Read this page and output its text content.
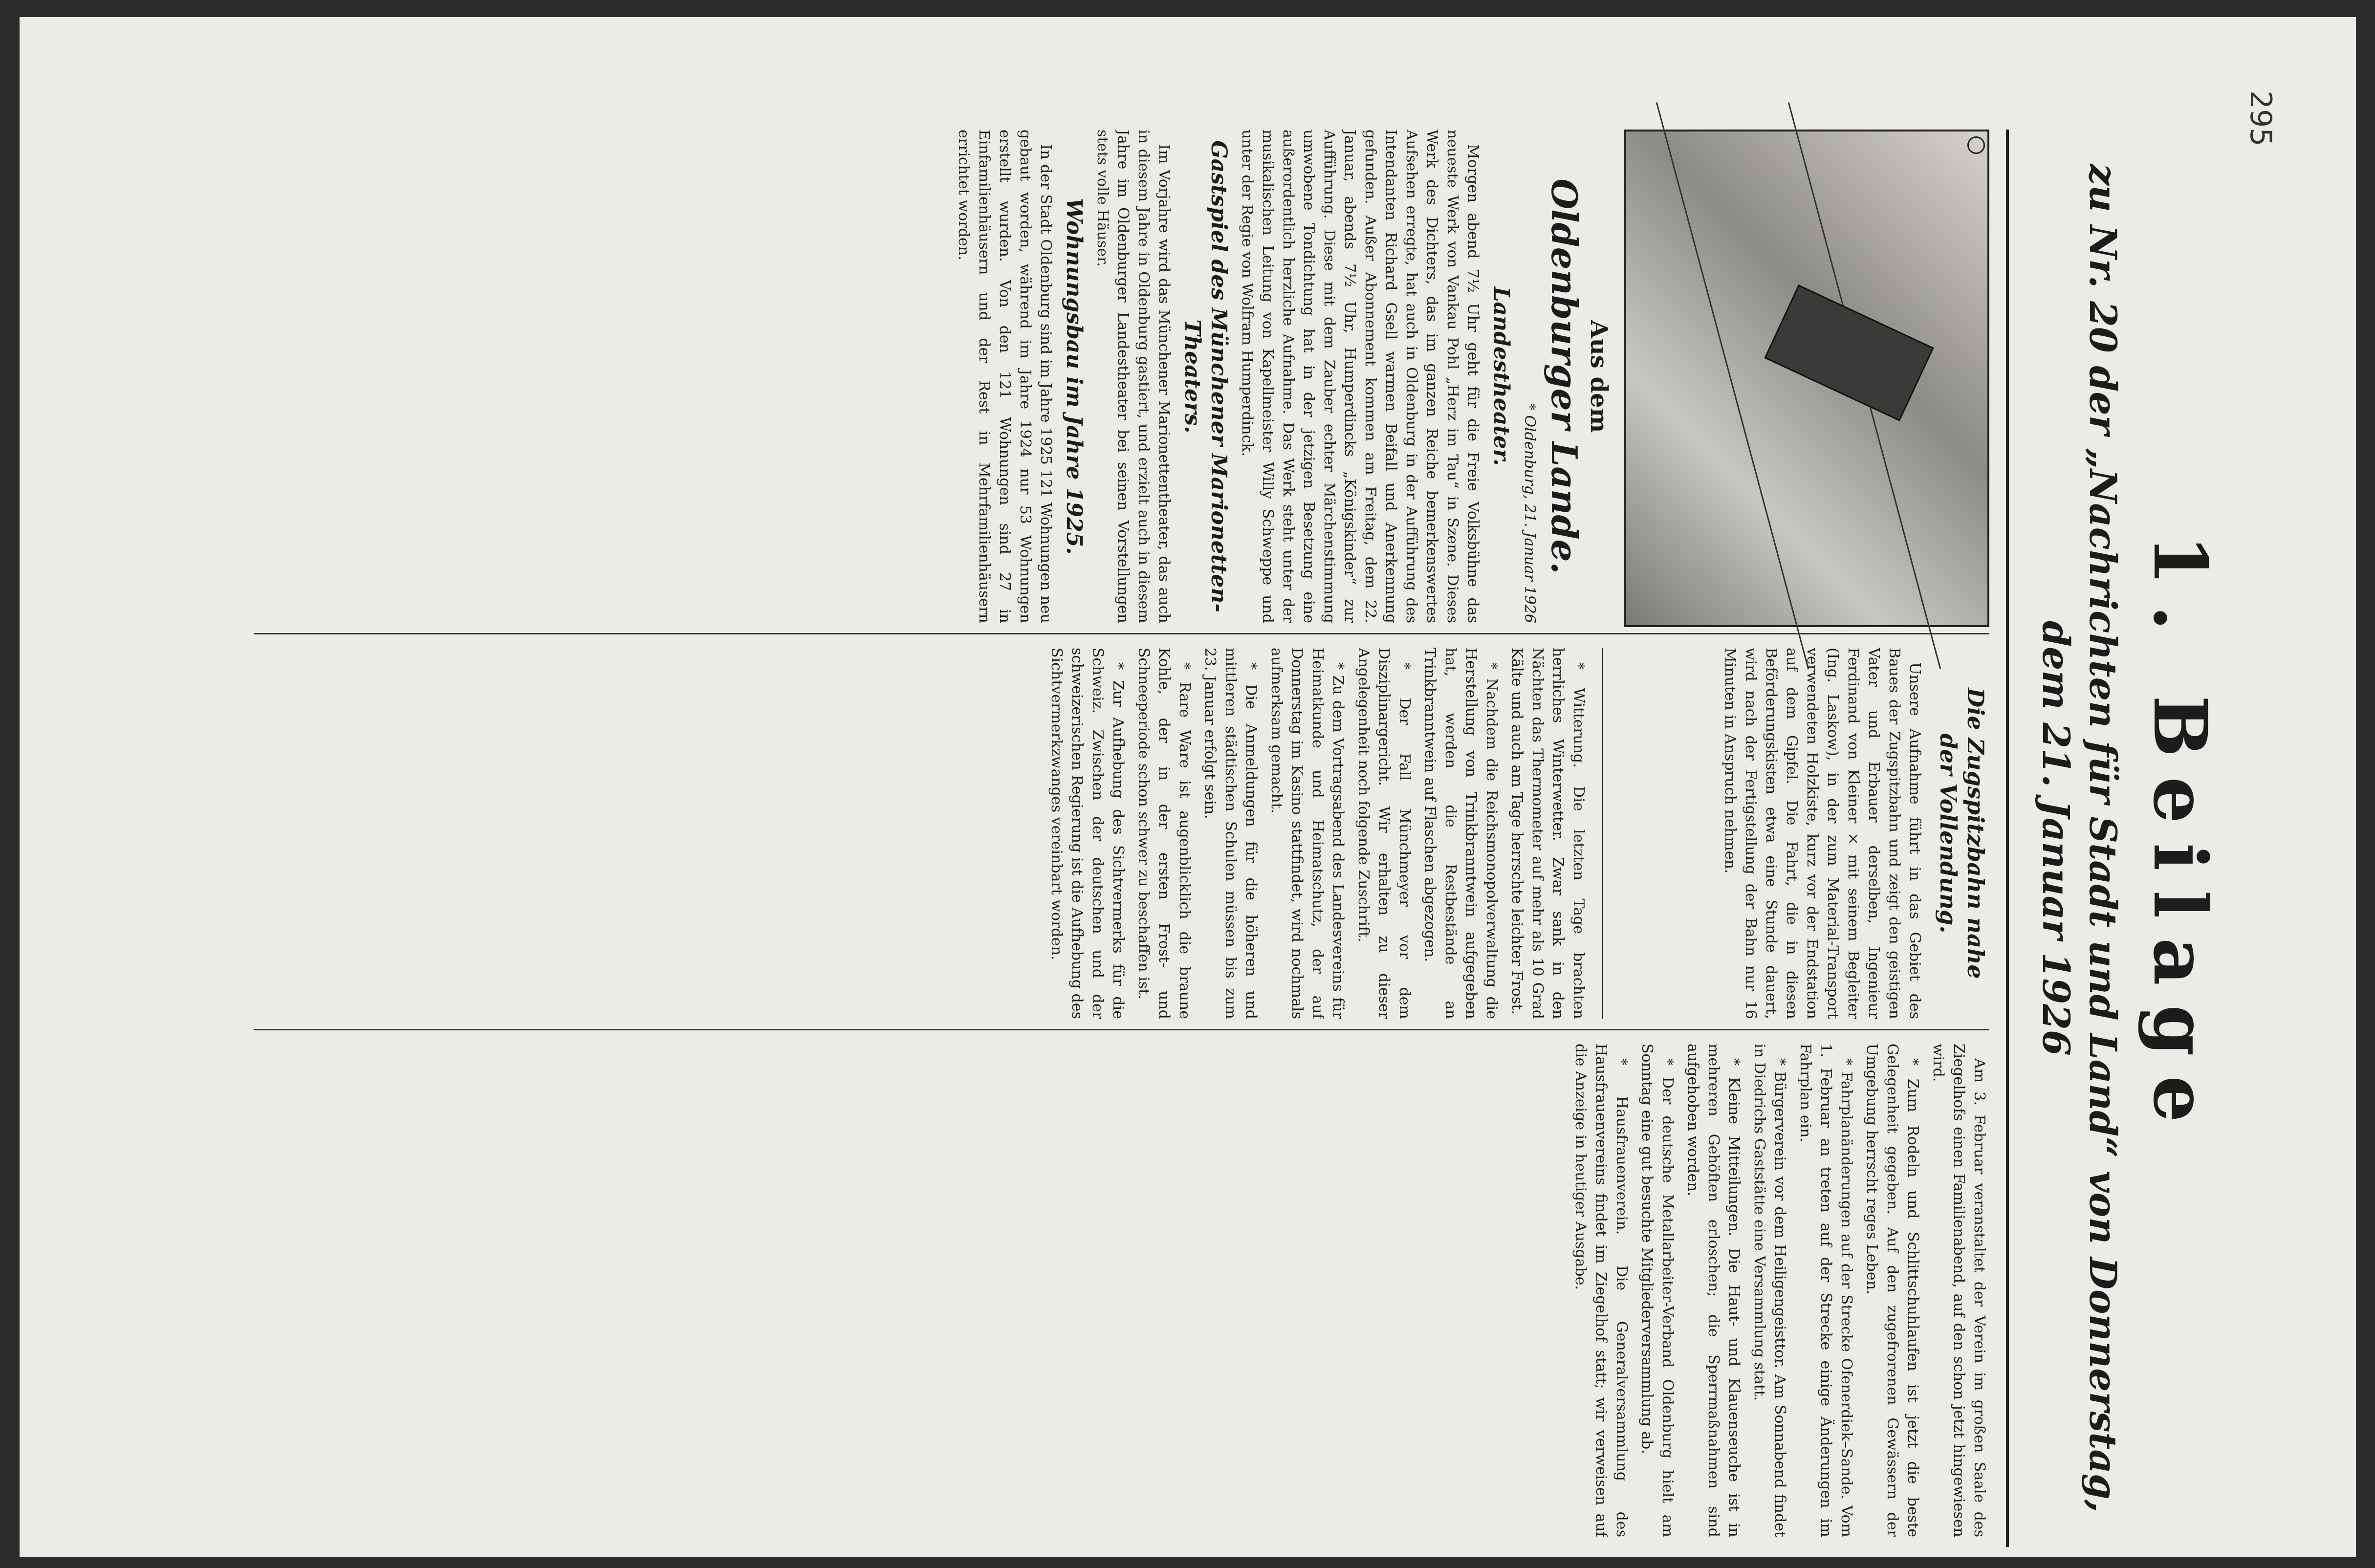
295
1. Beilage
zu Nr. 20 der „Nachrichten für Stadt und Land“ von Donnerstag, dem 21. Januar 1926
Aus dem
Oldenburger Lande.
* Oldenburg, 21. Januar 1926
Landestheater.

Morgen abend 7½ Uhr geht für die Freie Volksbühne das neueste Werk von Vankau Pohl „Herz im Tau“ in Szene. Dieses Werk des Dichters, das im ganzen Reiche bemerkenswertes Aufsehen erregte, hat auch in Oldenburg in der Aufführung des Intendanten Richard Gsell warmen Beifall und Anerkennung gefunden. Außer Abonnement kommen am Freitag, dem 22. Januar, abends 7½ Uhr, Humperdincks „Königskinder“ zur Aufführung. Diese mit dem Zauber echter Märchenstimmung umwobene Tondichtung hat in der jetzigen Besetzung eine außerordentlich herzliche Aufnahme. Das Werk steht unter der musikalischen Leitung von Kapellmeister Willy Schweppe und unter der Regie von Wolfram Humperdinck.

Gastspiel des Münchener Marionetten-Theaters.

Im Vorjahre wird das Münchener Marionettentheater, das auch in diesem Jahre in Oldenburg gastiert, und erzielt auch in diesem Jahre im Oldenburger Landestheater bei seinen Vorstellungen stets volle Häuser.

Wohnungsbau im Jahre 1925.

In der Stadt Oldenburg sind im Jahre 1925 121 Wohnungen neu gebaut worden, während im Jahre 1924 nur 53 Wohnungen erstellt wurden. Von den 121 Wohnungen sind 27 in Einfamilienhäusern und der Rest in Mehrfamilienhäusern errichtet worden.

Die Zugspitzbahn nahe
der Vollendung.

Unsere Aufnahme führt in das Gebiet des Baues der Zugspitzbahn und zeigt den geistigen Vater und Erbauer derselben, Ingenieur Ferdinand von Kleiner × mit seinem Begleiter (Ing. Laskow), in der zum Material-Transport verwendeten Holzkiste, kurz vor der Endstation auf dem Gipfel. Die Fahrt, die in diesen Beförderungskisten etwa eine Stunde dauert, wird nach der Fertigstellung der Bahn nur 16 Minuten in Anspruch nehmen.

* Witterung. Die letzten Tage brachten herrliches Winterwetter. Zwar sank in den Nächten das Thermometer auf mehr als 10 Grad Kälte und auch am Tage herrschte leichter Frost.

* Nachdem die Reichsmonopolverwaltung die Herstellung von Trinkbranntwein aufgegeben hat, werden die Restbestände an Trinkbranntwein auf Flaschen abgezogen.

* Der Fall Münchmeyer vor dem Disziplinargericht. Wir erhalten zu dieser Angelegenheit noch folgende Zuschrift.

* Zu dem Vortragsabend des Landesvereins für Heimatkunde und Heimatschutz, der auf Donnerstag im Kasino stattfindet, wird nochmals aufmerksam gemacht.

* Die Anmeldungen für die höheren und mittleren städtischen Schulen müssen bis zum 23. Januar erfolgt sein.

* Rare Ware ist augenblicklich die braune Kohle, der in der ersten Frost- und Schneeperiode schon schwer zu beschaffen ist.

* Zur Aufhebung des Sichtvermerks für die Schweiz. Zwischen der deutschen und der schweizerischen Regierung ist die Aufhebung des Sichtvermerkzwanges vereinbart worden.

Am 3. Februar veranstaltet der Verein im großen Saale des Ziegelhofs einen Familienabend, auf den schon jetzt hingewiesen wird.

* Zum Rodeln und Schlittschuhlaufen ist jetzt die beste Gelegenheit gegeben. Auf den zugefrorenen Gewässern der Umgebung herrscht reges Leben.

* Fahrplanänderungen auf der Strecke Ofenerdiek–Sande. Vom 1. Februar an treten auf der Strecke einige Änderungen im Fahrplan ein.

* Bürgerverein vor dem Heiligengeisttor. Am Sonnabend findet in Diedrichs Gaststätte eine Versammlung statt.

* Kleine Mitteilungen. Die Haut- und Klauenseuche ist in mehreren Gehöften erloschen; die Sperrmaßnahmen sind aufgehoben worden.

* Der deutsche Metallarbeiter-Verband Oldenburg hielt am Sonntag eine gut besuchte Mitgliederversammlung ab.

* Hausfrauenverein. Die Generalversammlung des Hausfrauenvereins findet im Ziegelhof statt; wir verweisen auf die Anzeige in heutiger Ausgabe.
